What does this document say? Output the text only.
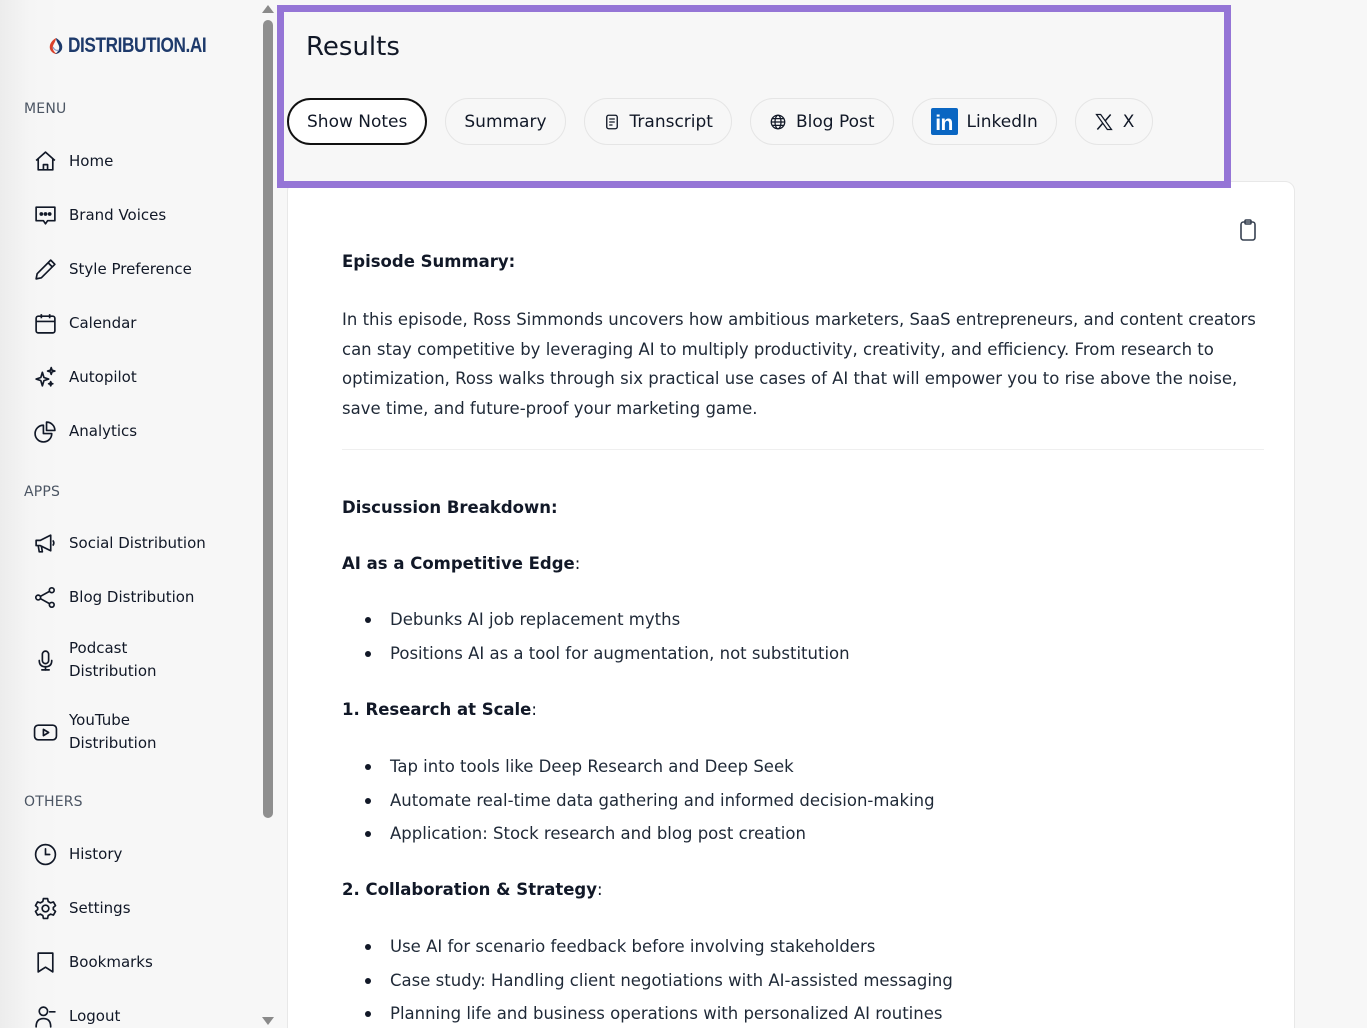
DISTRIBUTION.AI
MENU
Home
Brand Voices
Style Preference
Calendar
Autopilot
Analytics
APPS
Social Distribution
Blog Distribution
Podcast
Distribution
YouTube
Distribution
OTHERS
History
Settings
Bookmarks
Logout
Results
Show Notes	Summary	Transcript	Blog Post	in LinkedIn	X
Episode Summary:

In this episode, Ross Simmonds uncovers how ambitious marketers, SaaS entrepreneurs, and content creators can stay competitive by leveraging AI to multiply productivity, creativity, and efficiency. From research to optimization, Ross walks through six practical use cases of AI that will empower you to rise above the noise, save time, and future-proof your marketing game.

Discussion Breakdown:
AI as a Competitive Edge:
Debunks AI job replacement myths
Positions AI as a tool for augmentation, not substitution
1. Research at Scale:
Tap into tools like Deep Research and Deep Seek
Automate real-time data gathering and informed decision-making
Application: Stock research and blog post creation
2. Collaboration & Strategy:
Use AI for scenario feedback before involving stakeholders
Case study: Handling client negotiations with AI-assisted messaging
Planning life and business operations with personalized AI routines
